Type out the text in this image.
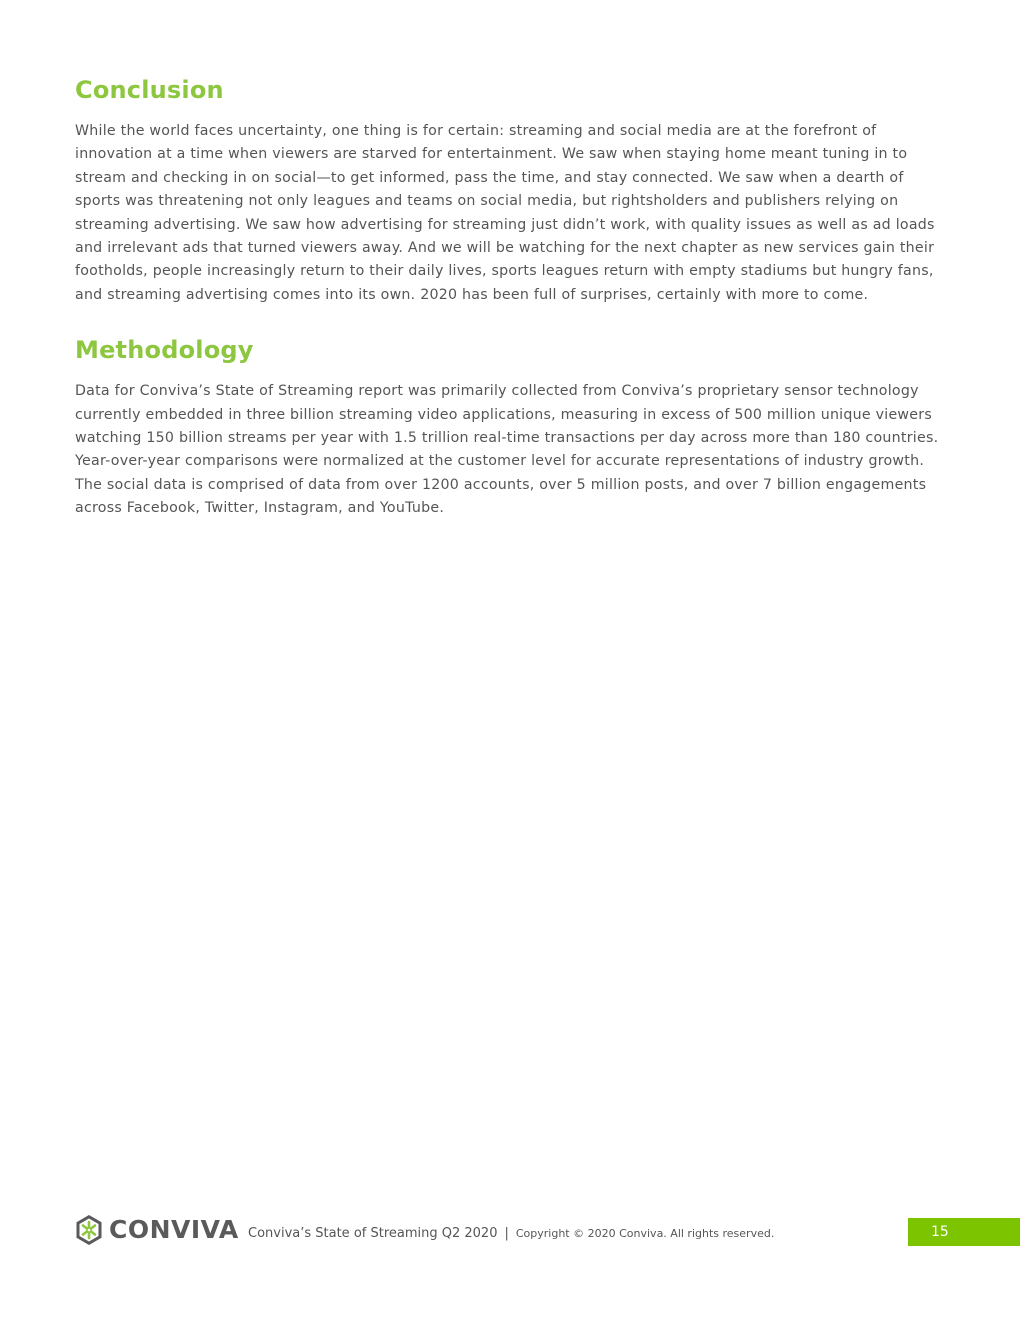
Conclusion

While the world faces uncertainty, one thing is for certain: streaming and social media are at the forefront of innovation at a time when viewers are starved for entertainment. We saw when staying home meant tuning in to stream and checking in on social—to get informed, pass the time, and stay connected. We saw when a dearth of sports was threatening not only leagues and teams on social media, but rightsholders and publishers relying on streaming advertising. We saw how advertising for streaming just didn’t work, with quality issues as well as ad loads and irrelevant ads that turned viewers away. And we will be watching for the next chapter as new services gain their footholds, people increasingly return to their daily lives, sports leagues return with empty stadiums but hungry fans, and streaming advertising comes into its own. 2020 has been full of surprises, certainly with more to come.

Methodology

Data for Conviva’s State of Streaming report was primarily collected from Conviva’s proprietary sensor technology currently embedded in three billion streaming video applications, measuring in excess of 500 million unique viewers watching 150 billion streams per year with 1.5 trillion real-time transactions per day across more than 180 countries. Year-over-year comparisons were normalized at the customer level for accurate representations of industry growth. The social data is comprised of data from over 1200 accounts, over 5 million posts, and over 7 billion engagements across Facebook, Twitter, Instagram, and YouTube.

CONVIVA Conviva’s State of Streaming Q2 2020 | Copyright © 2020 Conviva. All rights reserved.	15
